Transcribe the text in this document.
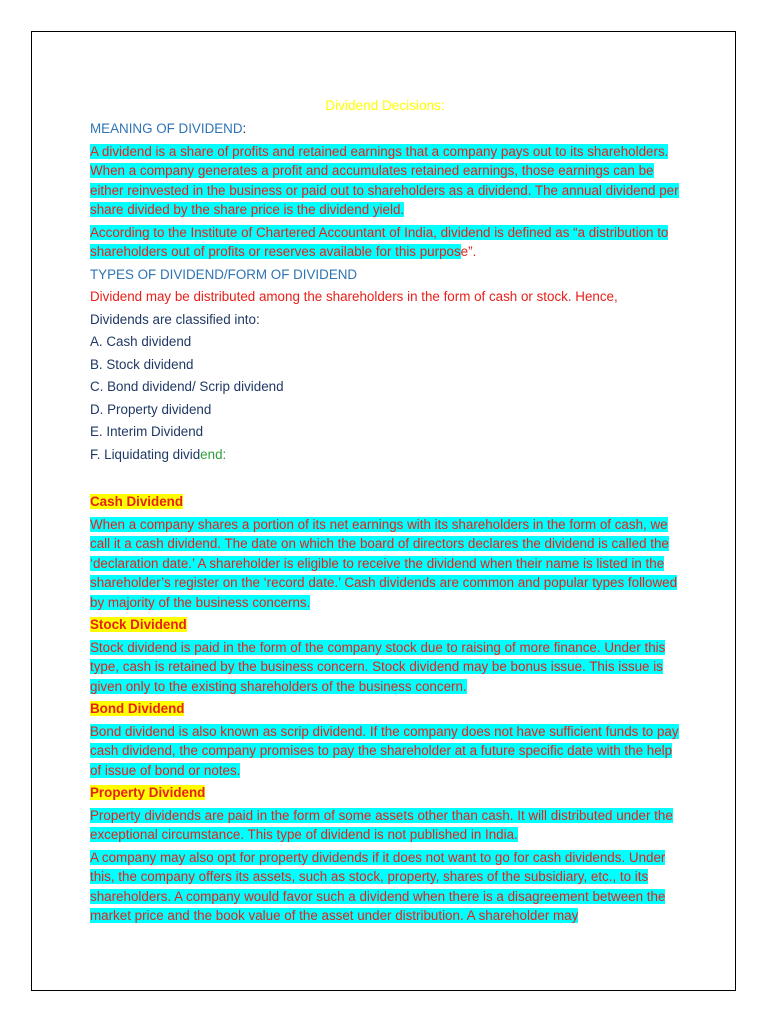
Dividend Decisions:
MEANING OF DIVIDEND:
A dividend is a share of profits and retained earnings that a company pays out to its shareholders. When a company generates a profit and accumulates retained earnings, those earnings can be either reinvested in the business or paid out to shareholders as a dividend. The annual dividend per share divided by the share price is the dividend yield.
According to the Institute of Chartered Accountant of India, dividend is defined as “a distribution to shareholders out of profits or reserves available for this purpose”.
TYPES OF DIVIDEND/FORM OF DIVIDEND
Dividend may be distributed among the shareholders in the form of cash or stock. Hence,
Dividends are classified into:
A. Cash dividend
B. Stock dividend
C. Bond dividend/ Scrip dividend
D. Property dividend
E. Interim Dividend
F. Liquidating dividend:
Cash Dividend
When a company shares a portion of its net earnings with its shareholders in the form of cash, we call it a cash dividend. The date on which the board of directors declares the dividend is called the ‘declaration date.’ A shareholder is eligible to receive the dividend when their name is listed in the shareholder’s register on the ‘record date.’ Cash dividends are common and popular types followed by majority of the business concerns.
Stock Dividend
Stock dividend is paid in the form of the company stock due to raising of more finance. Under this type, cash is retained by the business concern. Stock dividend may be bonus issue. This issue is given only to the existing shareholders of the business concern.
Bond Dividend
Bond dividend is also known as scrip dividend. If the company does not have sufficient funds to pay cash dividend, the company promises to pay the shareholder at a future specific date with the help of issue of bond or notes.
Property Dividend
Property dividends are paid in the form of some assets other than cash. It will distributed under the exceptional circumstance. This type of dividend is not published in India.
A company may also opt for property dividends if it does not want to go for cash dividends. Under this, the company offers its assets, such as stock, property, shares of the subsidiary, etc., to its shareholders. A company would favor such a dividend when there is a disagreement between the market price and the book value of the asset under distribution. A shareholder may
